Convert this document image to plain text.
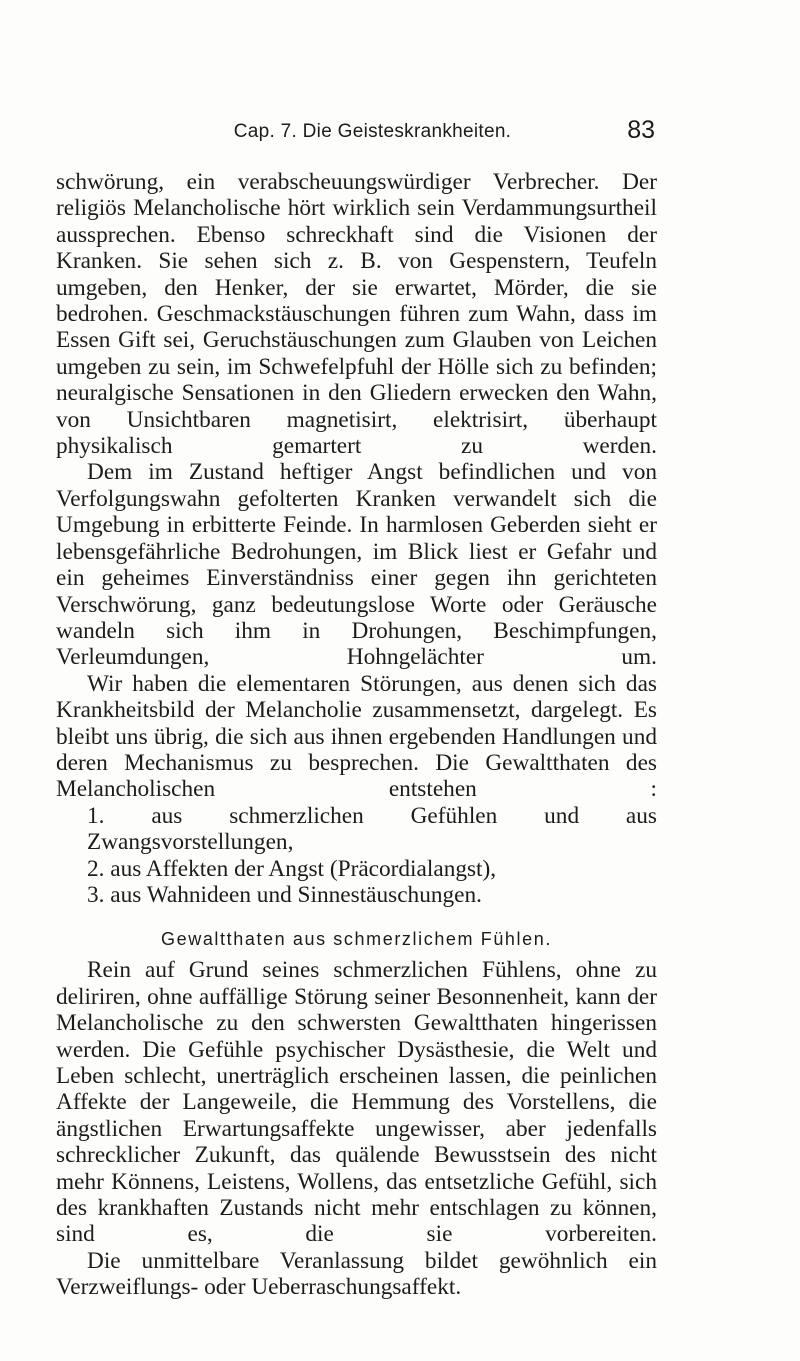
Cap. 7. Die Geisteskrankheiten.	83

schwörung, ein verabscheuungswürdiger Verbrecher. Der religiös Melancholische hört wirklich sein Verdammungsurtheil aussprechen. Ebenso schreckhaft sind die Visionen der Kranken. Sie sehen sich z. B. von Gespenstern, Teufeln umgeben, den Henker, der sie erwartet, Mörder, die sie bedrohen. Geschmackstäuschungen führen zum Wahn, dass im Essen Gift sei, Geruchstäuschungen zum Glauben von Leichen umgeben zu sein, im Schwefelpfuhl der Hölle sich zu befinden; neuralgische Sensationen in den Gliedern erwecken den Wahn, von Unsichtbaren magnetisirt, elektrisirt, überhaupt physikalisch gemartert zu werden.

Dem im Zustand heftiger Angst befindlichen und von Verfolgungswahn gefolterten Kranken verwandelt sich die Umgebung in erbitterte Feinde. In harmlosen Geberden sieht er lebensgefährliche Bedrohungen, im Blick liest er Gefahr und ein geheimes Einverständniss einer gegen ihn gerichteten Verschwörung, ganz bedeutungslose Worte oder Geräusche wandeln sich ihm in Drohungen, Beschimpfungen, Verleumdungen, Hohngelächter um.

Wir haben die elementaren Störungen, aus denen sich das Krankheitsbild der Melancholie zusammensetzt, dargelegt. Es bleibt uns übrig, die sich aus ihnen ergebenden Handlungen und deren Mechanismus zu besprechen. Die Gewaltthaten des Melancholischen entstehen :

1. aus schmerzlichen Gefühlen und aus Zwangsvorstellungen,

2. aus Affekten der Angst (Präcordialangst),

3. aus Wahnideen und Sinnestäuschungen.

Gewaltthaten aus schmerzlichem Fühlen.

Rein auf Grund seines schmerzlichen Fühlens, ohne zu deliriren, ohne auffällige Störung seiner Besonnenheit, kann der Melancholische zu den schwersten Gewaltthaten hingerissen werden. Die Gefühle psychischer Dysästhesie, die Welt und Leben schlecht, unerträglich erscheinen lassen, die peinlichen Affekte der Langeweile, die Hemmung des Vorstellens, die ängstlichen Erwartungsaffekte ungewisser, aber jedenfalls schrecklicher Zukunft, das quälende Bewusstsein des nicht mehr Könnens, Leistens, Wollens, das entsetzliche Gefühl, sich des krankhaften Zustands nicht mehr entschlagen zu können, sind es, die sie vorbereiten.

Die unmittelbare Veranlassung bildet gewöhnlich ein Verzweiflungs- oder Ueberraschungsaffekt.
